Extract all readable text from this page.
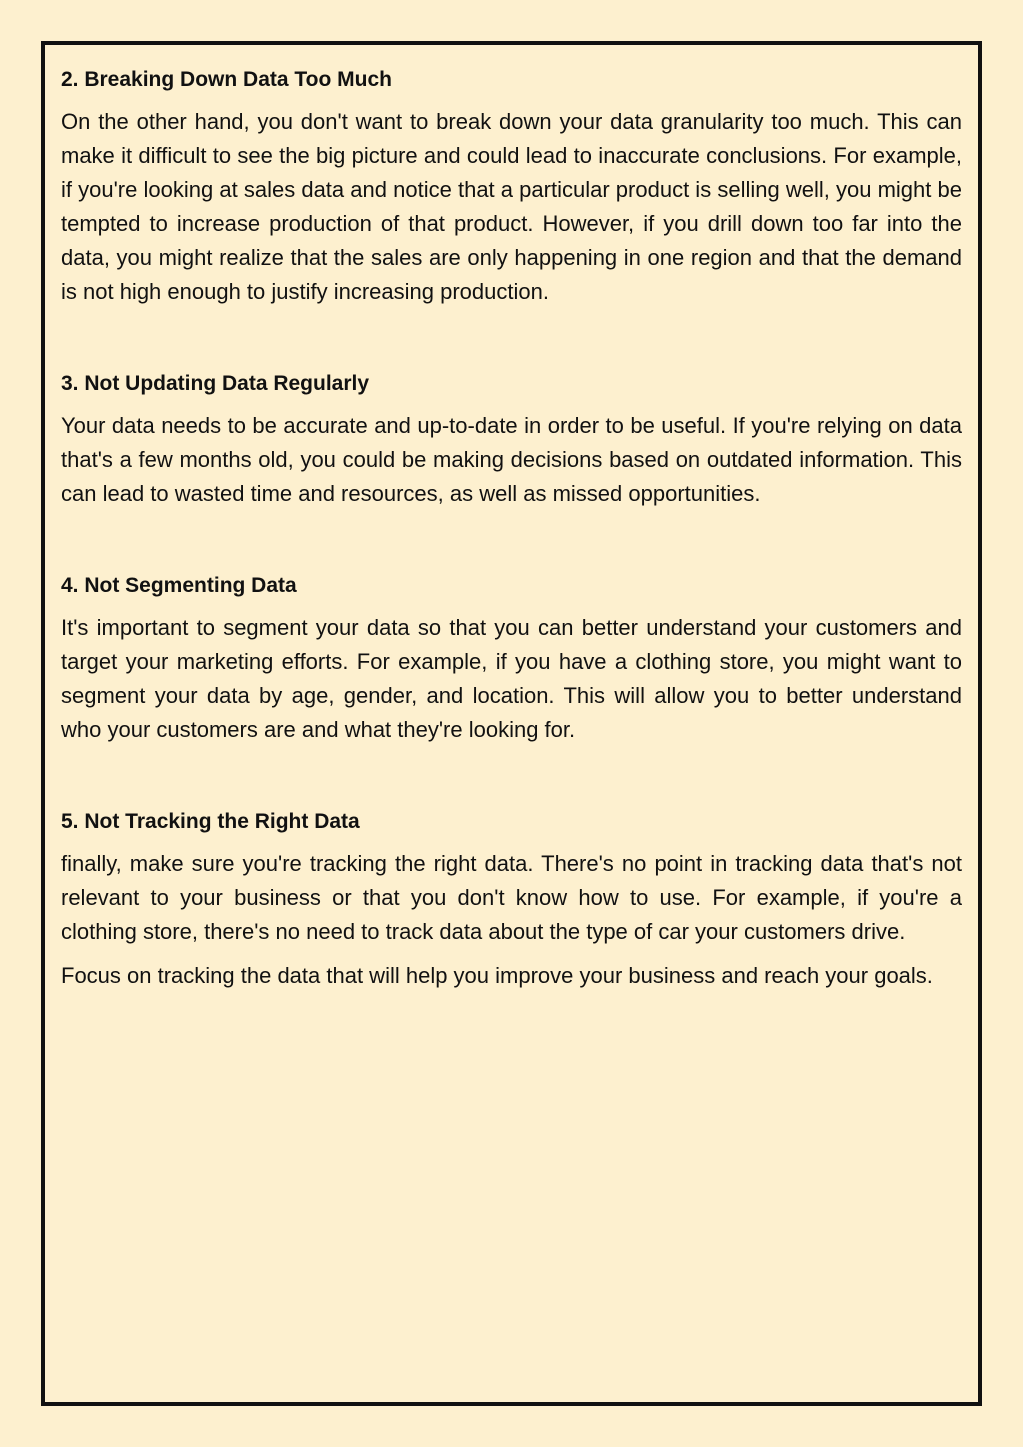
2. Breaking Down Data Too Much

On the other hand, you don't want to break down your data granularity too much. This can make it difficult to see the big picture and could lead to inaccurate conclusions. For example, if you're looking at sales data and notice that a particular product is selling well, you might be tempted to increase production of that product. However, if you drill down too far into the data, you might realize that the sales are only happening in one region and that the demand is not high enough to justify increasing production.

3. Not Updating Data Regularly

Your data needs to be accurate and up-to-date in order to be useful. If you're relying on data that's a few months old, you could be making decisions based on outdated information. This can lead to wasted time and resources, as well as missed opportunities.

4. Not Segmenting Data

It's important to segment your data so that you can better understand your customers and target your marketing efforts. For example, if you have a clothing store, you might want to segment your data by age, gender, and location. This will allow you to better understand who your customers are and what they're looking for.

5. Not Tracking the Right Data

finally, make sure you're tracking the right data. There's no point in tracking data that's not relevant to your business or that you don't know how to use. For example, if you're a clothing store, there's no need to track data about the type of car your customers drive.

Focus on tracking the data that will help you improve your business and reach your goals.
